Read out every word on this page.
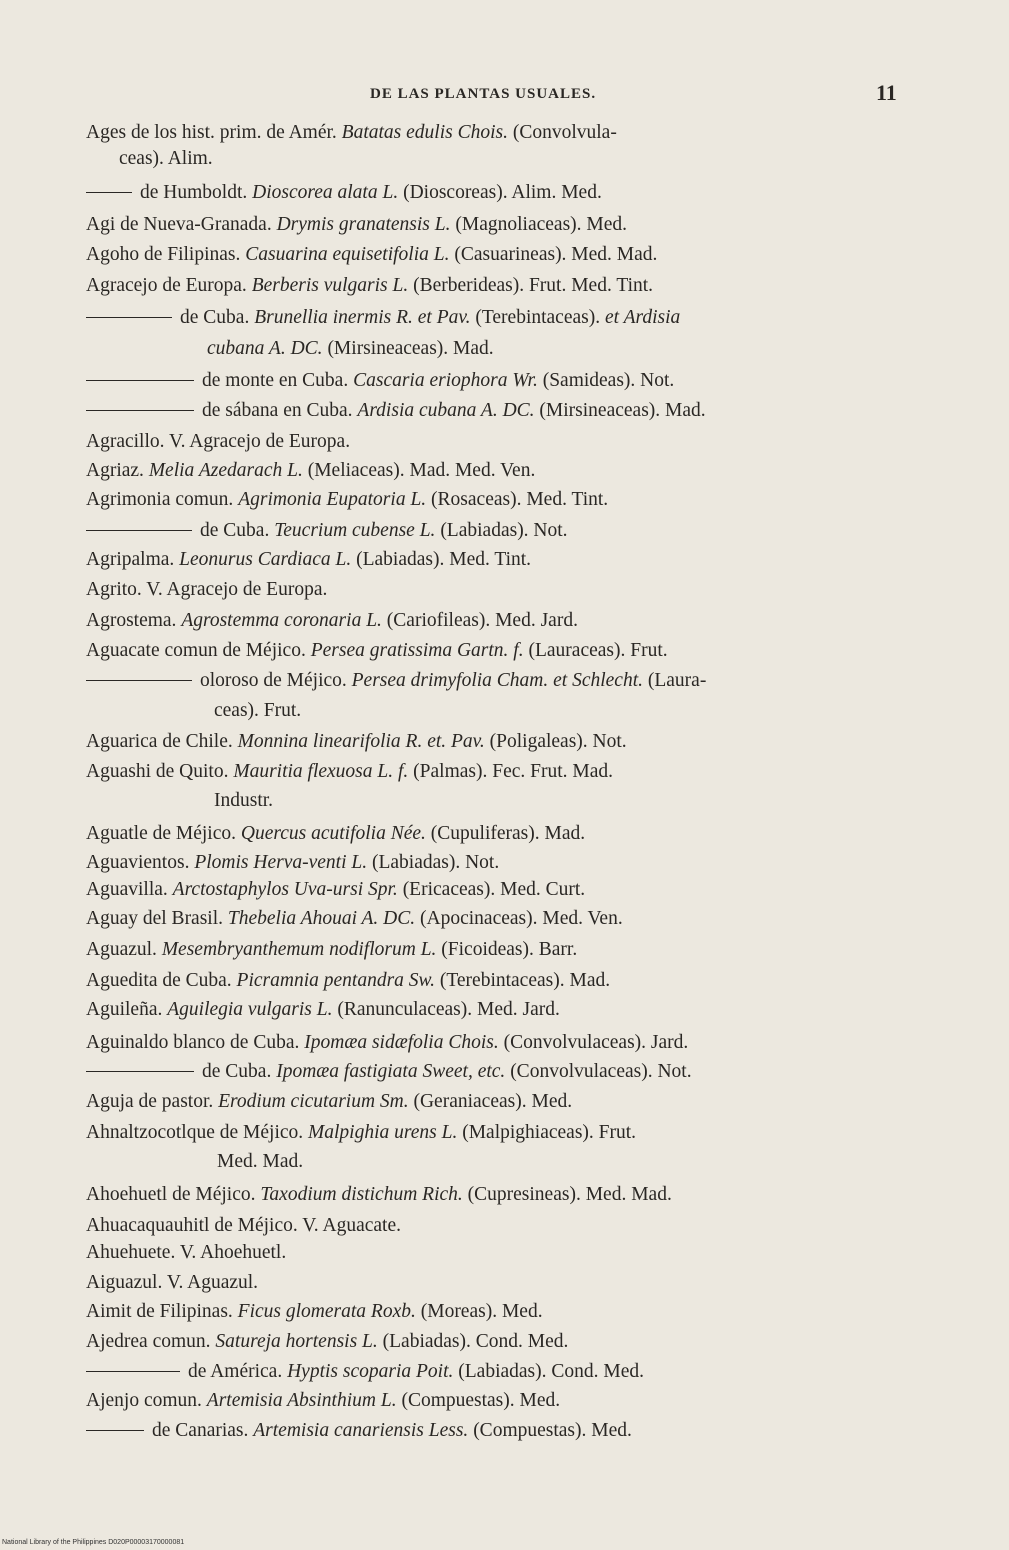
DE LAS PLANTAS USUALES.	11
Ages de los hist. prim. de Amér. Batatas edulis Chois. (Convolvula-
ceas). Alim.
de Humboldt. Dioscorea alata L. (Dioscoreas). Alim. Med.
Agi de Nueva-Granada. Drymis granatensis L. (Magnoliaceas). Med.
Agoho de Filipinas. Casuarina equisetifolia L. (Casuarineas). Med. Mad.
Agracejo de Europa. Berberis vulgaris L. (Berberideas). Frut. Med. Tint.
de Cuba. Brunellia inermis R. et Pav. (Terebintaceas). et Ardisia
cubana A. DC. (Mirsineaceas). Mad.
de monte en Cuba. Cascaria eriophora Wr. (Samideas). Not.
de sábana en Cuba. Ardisia cubana A. DC. (Mirsineaceas). Mad.
Agracillo. V. Agracejo de Europa.
Agriaz. Melia Azedarach L. (Meliaceas). Mad. Med. Ven.
Agrimonia comun. Agrimonia Eupatoria L. (Rosaceas). Med. Tint.
de Cuba. Teucrium cubense L. (Labiadas). Not.
Agripalma. Leonurus Cardiaca L. (Labiadas). Med. Tint.
Agrito. V. Agracejo de Europa.
Agrostema. Agrostemma coronaria L. (Cariofileas). Med. Jard.
Aguacate comun de Méjico. Persea gratissima Gartn. f. (Lauraceas). Frut.
oloroso de Méjico. Persea drimyfolia Cham. et Schlecht. (Laura-
ceas). Frut.
Aguarica de Chile. Monnina linearifolia R. et. Pav. (Poligaleas). Not.
Aguashi de Quito. Mauritia flexuosa L. f. (Palmas). Fec. Frut. Mad.
Industr.
Aguatle de Méjico. Quercus acutifolia Née. (Cupuliferas). Mad.
Aguavientos. Plomis Herva-venti L. (Labiadas). Not.
Aguavilla. Arctostaphylos Uva-ursi Spr. (Ericaceas). Med. Curt.
Aguay del Brasil. Thebelia Ahouai A. DC. (Apocinaceas). Med. Ven.
Aguazul. Mesembryanthemum nodiflorum L. (Ficoideas). Barr.
Aguedita de Cuba. Picramnia pentandra Sw. (Terebintaceas). Mad.
Aguileña. Aguilegia vulgaris L. (Ranunculaceas). Med. Jard.
Aguinaldo blanco de Cuba. Ipomæa sidæfolia Chois. (Convolvulaceas). Jard.
de Cuba. Ipomæa fastigiata Sweet, etc. (Convolvulaceas). Not.
Aguja de pastor. Erodium cicutarium Sm. (Geraniaceas). Med.
Ahnaltzocotlque de Méjico. Malpighia urens L. (Malpighiaceas). Frut.
Med. Mad.
Ahoehuetl de Méjico. Taxodium distichum Rich. (Cupresineas). Med. Mad.
Ahuacaquauhitl de Méjico. V. Aguacate.
Ahuehuete. V. Ahoehuetl.
Aiguazul. V. Aguazul.
Aimit de Filipinas. Ficus glomerata Roxb. (Moreas). Med.
Ajedrea comun. Satureja hortensis L. (Labiadas). Cond. Med.
de América. Hyptis scoparia Poit. (Labiadas). Cond. Med.
Ajenjo comun. Artemisia Absinthium L. (Compuestas). Med.
de Canarias. Artemisia canariensis Less. (Compuestas). Med.
National Library of the Philippines D020P00003170000081
